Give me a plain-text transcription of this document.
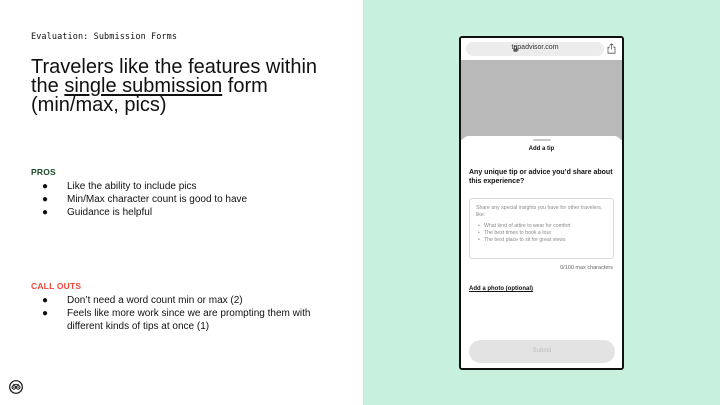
Evaluation: Submission Forms
Travelers like the features within the single submission form (min/max, pics)
PROS
● Like the ability to include pics
● Min/Max character count is good to have
● Guidance is helpful
CALL OUTS
● Don’t need a word count min or max (2)
● Feels like more work since we are prompting them with different kinds of tips at once (1)
tripadvisor.com
Add a tip
Any unique tip or advice you’d share about this experience?
Share any special insights you have for other travelers, like:
• What kind of attire to wear for comfort
• The best times to book a tour
• The best place to sit for great views
0/100 max characters
Add a photo (optional)
Submit
